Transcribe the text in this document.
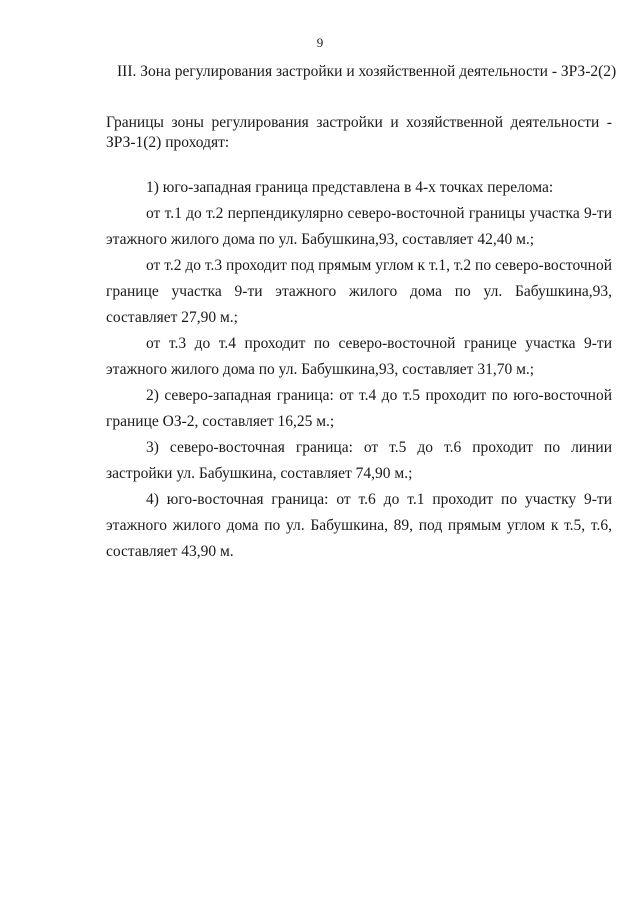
9
III. Зона регулирования застройки и хозяйственной деятельности - ЗРЗ-2(2)
Границы зоны регулирования застройки и хозяйственной деятельности - ЗРЗ-1(2) проходят:

1) юго-западная граница представлена в 4-х точках перелома:

от т.1 до т.2 перпендикулярно северо-восточной границы участка 9-ти этажного жилого дома по ул. Бабушкина,93, составляет 42,40 м.;

от т.2 до т.3 проходит под прямым углом к т.1, т.2 по северо-восточной границе участка 9-ти этажного жилого дома по ул. Бабушкина,93, составляет 27,90 м.;

от т.3 до т.4 проходит по северо-восточной границе участка 9-ти этажного жилого дома по ул. Бабушкина,93, составляет 31,70 м.;

2) северо-западная граница: от т.4 до т.5 проходит по юго-восточной границе ОЗ-2, составляет 16,25 м.;

3) северо-восточная граница: от т.5 до т.6 проходит по линии застройки ул. Бабушкина, составляет 74,90 м.;

4) юго-восточная граница: от т.6 до т.1 проходит по участку 9-ти этажного жилого дома по ул. Бабушкина, 89, под прямым углом к т.5, т.6, составляет 43,90 м.
